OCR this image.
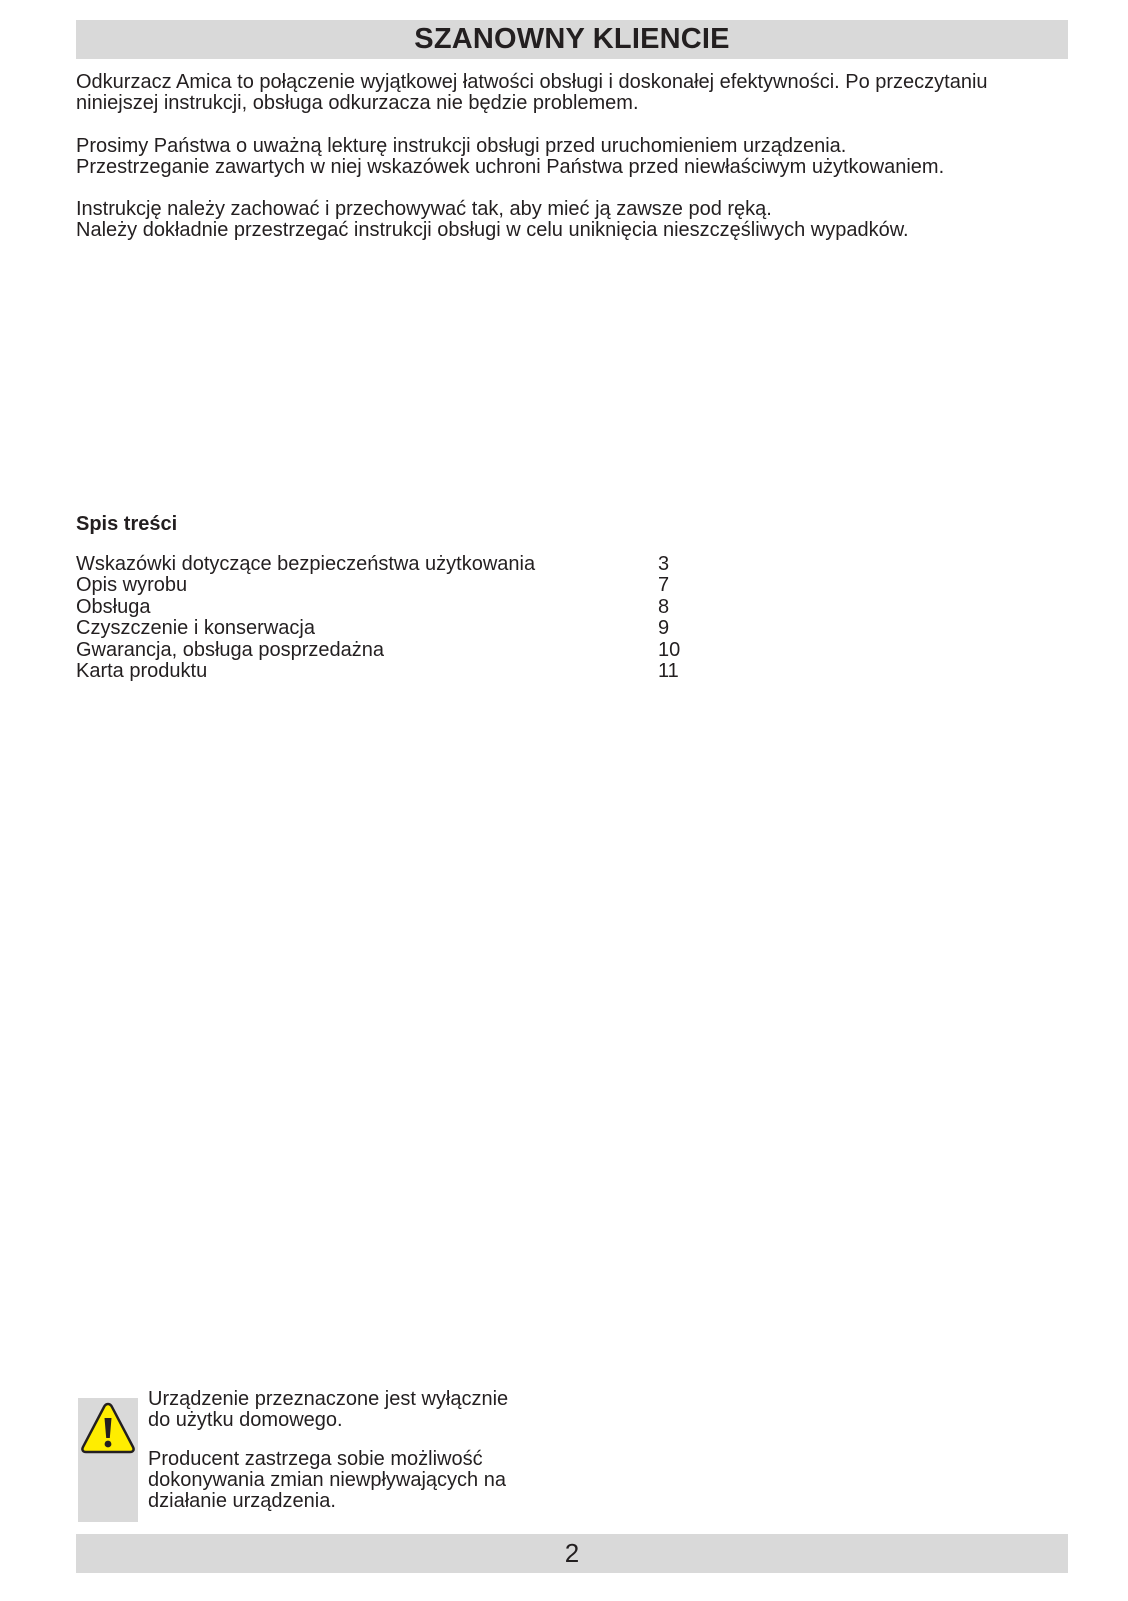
SZANOWNY KLIENCIE
Odkurzacz Amica to połączenie wyjątkowej łatwości obsługi i doskonałej efektywności. Po przeczytaniu
niniejszej instrukcji, obsługa odkurzacza nie będzie problemem.
Prosimy Państwa o uważną lekturę instrukcji obsługi przed uruchomieniem urządzenia.
Przestrzeganie zawartych w niej wskazówek uchroni Państwa przed niewłaściwym użytkowaniem.
Instrukcję należy zachować i przechowywać tak, aby mieć ją zawsze pod ręką.
Należy dokładnie przestrzegać instrukcji obsługi w celu uniknięcia nieszczęśliwych wypadków.
Spis treści
Wskazówki dotyczące bezpieczeństwa użytkowania	3
Opis wyrobu	7
Obsługa	8
Czyszczenie i konserwacja	9
Gwarancja, obsługa posprzedażna	10
Karta produktu	11
Urządzenie przeznaczone jest wyłącznie
do użytku domowego.
Producent zastrzega sobie możliwość
dokonywania zmian niewpływających na
działanie urządzenia.
2
